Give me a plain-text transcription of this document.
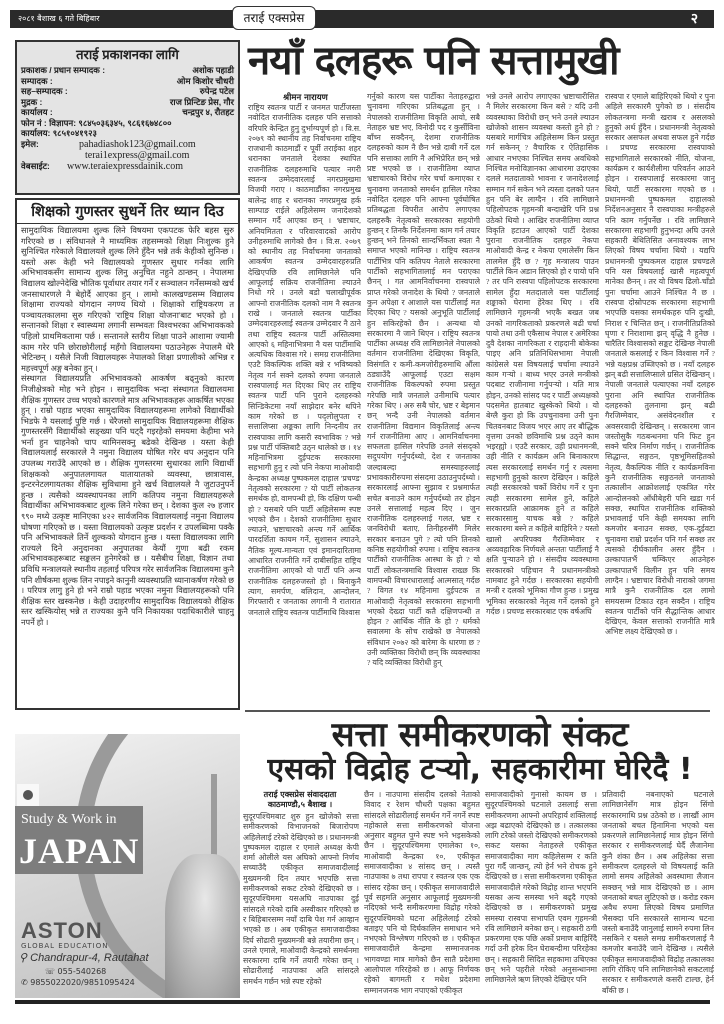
२०८१ बैशाख ६ गते बिहिबार	तराई एक्सप्रेस	२
तराई प्रकाशनका लागि
प्रकाशक / प्रधान सम्पादक :	अशोक पहाडी
सम्पादक :	ओम किशोर चौधरी
सह–सम्पादक :	रुपेन्द्र पटेल
मुद्रक :	राज प्रिन्टिङ प्रेस, गौर
कार्यालय :	चन्द्रपुर ४, रौतहट
फोन नं : विज्ञापन: ९८४५०३६३४५, ९८६१६७४८००
कार्यालय: ९८५१०४१९२३
इमेल:	pahadiashok123@gmail.com
terai1express@gmail.com
वेबसाईट:	www.teraiexpressdainik.com
शिक्षको गुणस्तर सुधर्नेे तिर ध्यान दिउ

सामुदायिक विद्यालयमा शुल्क लिने विषयमा एकपटक फेरि बहस सुरु गरिएको छ । संविधानले नै माध्यमिक तहसम्मको शिक्षा निःशुल्क हुने सुनिश्चित गरेकाले विद्यालयले शुल्क लिने हुँदैन भन्ने तर्क केहीको सुनिन्छ । यस्तो अरू केही भने विद्यालयको गुणस्तर सुधार गर्नका लागि अभिभावकसँग सामान्य शुल्क लिनु अनुचित नहुने ठान्छन् । नेपालमा विद्यालय खोल्नेदेखि भौतिक पूर्वाधार तयार गर्ने र सञ्चालन गर्नेसम्मको खर्च जनसाधारणले नै बेहोर्दै आएका हुन् । लामो कालखण्डसम्म विद्यालय शिक्षामा राज्यको योगदान नगण्य थियो । शिक्षाको राष्ट्रियकरण त पञ्चायतकालमा सुरु गरिएको 'राष्ट्रिय शिक्षा योजना'बाट भएको हो । सन्तानको शिक्षा र स्वास्थ्यमा लगानी सम्भवतः विश्वभरका अभिभावकको पहिलो प्राथमिकतामा पर्छ । सन्तानले स्तरीय शिक्षा पाउने आशामा ज्यामी काम गरेर पनि छोराछोरीलाई महँगो विद्यालयमा पठाउनेहरू नेपालमै धेरै भेटिन्छन् । यसैले निजी विद्यालयहरू नेपालको शिक्षा प्रणालीको अभिन्न र महत्त्वपूर्ण अङ्ग बनेका हुन् ।

संस्थागत विद्यालयप्रति अभिभावकको आकर्षण बढ्नुको कारण निजीक्षेत्रको मोह भने होइन । सामुदायिक भन्दा संस्थागत विद्यालयमा शैक्षिक गुणस्तर उच्च भएको कारणले मात्र अभिभावकहरू आकर्षित भएका हुन् । राम्रो पहाड भएका सामुदायिक विद्यालयहरूमा लागेको विद्यार्थीको भिडफे नै यसलाई पुष्टि गर्छ । धेरैजसो सामुदायिक विद्यालयहरूमा शैक्षिक गुणस्तरसँगै विद्यार्थीको सङ्ख्या पनि घट्दै गइरहेको समयमा केहीमा भने भर्ना हुन चाहनेको चाप थामिनसक्नु बढेको देखिन्छ । यस्ता केही विद्यालयलाई सरकारले नै नमुना विद्यालय घोषित गरेर थप अनुदान पनि उपलब्ध गराउँदै आएको छ । शैक्षिक गुणस्तरमा सुधारका लागि विद्यार्थी शिक्षकको अनुपातलगायत यातायातको व्यवस्था, छात्रावास, इन्टरनेटलगायतका शैक्षिक सुविधामा हुने खर्च विद्यालयले नै जुटाउनुपर्ने हुन्छ । त्यसैको व्यवस्थापनका लागि कतिपय नमुना विद्यालयहरूले विद्यार्थीका अभिभावकबाट शुल्क लिने गरेका छन् । देशका कुल २७ हजार ९९० मध्ये उत्कृष्ट मानिएका ४२२ सार्वजनिक विद्यालयलाई नमुना विद्यालय घोषणा गरिएको छ । यस्ता विद्यालयको उत्कृष्ट प्रदर्शन र उपलब्धिमा पक्कै पनि अभिभावकले तिर्ने शुल्कको योगदान हुन्छ । यस्ता विद्यालयका लागि राज्यले दिने अनुदानका अनुपातका केयौं गुणा बढी रकम अभिभावकहरूबाट सङ्कलन हुनेगरेको छ । यसैबीच शिक्षा, विज्ञान तथा प्रविधि मन्त्रालयले स्थानीय तहलाई परिपत्र गरेर सार्वजनिक विद्यालयमा कुनै पनि शीर्षकमा शुल्क लिन नपाइने कानुनी व्यवस्थाप्रति ध्यानाकर्षण गरेको छ । परिपत्र लागु हुने हो भने राम्रो पहाड भएका नमुना विद्यालयहरूको पनि शैक्षिक स्तर खस्कनेछ । केही उदाहरणीय सामुदायिक विद्यालयको शैक्षिक स्तर खस्कियोस् भन्ने त राज्यका कुनै पनि निकायका पदाधिकारीले चाहनु नपर्ने हो ।

Study & Work in
JAPAN
ASTON
GLOBAL EDUCATION
⚲ Chandrapur-4, Rautahat
☏ 055-540268
✆ 9855022020/9851095424
नयाँ दलहरू पनि सत्तामुखी
श्रीमन नारायण

राष्ट्रिय स्वतन्त्र पार्टी र जनमत पार्टीजस्ता नवोदित राजनीतिक दलहरु पनि सत्ताको वरिपरि केन्द्रित हुनु दुर्भाग्यपूर्ण हो । वि.स. २०७९ को स्थानीय तह निर्वाचनमा राष्ट्रिय राजधानी काठमाडौं र पूर्वी तराईका शहर धरानका जनताले देशका स्थापित राजनीतिक दलहरुमाथि पत्यार नगरी स्वतन्त्र उम्मेदवारलाई नगरप्रमुखमा विजयी गराए । काठमाडौंका नगरप्रमुख बालेन्द्र शाह र धरानका नगरप्रमुख हर्क साम्पाङ राईले अहिलेसम्म जनादेशको सम्मान गर्दै आएका छन् । भ्रष्टाचार, अनियमितता र परिवारवादको आरोप उनीहरुमाथि लागेको छैन । वि.स. २०७९ को स्थानीय तह निर्वाचनमा जनताको आकर्षण स्वतन्त्र उम्मेदवारहरुप्रति देखिएपछि रवि लामिछानेले पनि आफूलाई सक्रिय राजनीतिमा ल्याउने निधो गरे । उनले बडो चलाखीपूर्वक आफ्नो राजनीतिक दलको नाम नै स्वतन्त्र राखे । जनताले स्वतन्त्र पार्टीका उम्मेदवारहरुलाई स्वतन्त्र उम्मेदवार नै ठाने तथा राष्ट्रिय स्वतन्त्र पार्टी अस्तित्वमा आएको ६ महिनाभित्रमा नै यस पार्टीमाथि अत्यधिक विश्वास गरे । समग्र राजनीतिमा एउटै विकल्पिक शक्ति बन्ने र भविष्यको नेतृत्व गर्न सक्ने दलको रुपमा जनताले रास्वपालाई मत दिएका थिए तर राष्ट्रिय स्वतन्त्र पार्टी पनि पुराने दलहरुको सिन्डिकेटमा नयाँ साझेदार बनेर थपिने काम गरेको छ । पद्लोलुपता र सत्तालिप्सा अङ्कका लागि निन्दनीय तर रास्वपाका लागि कसरी स्वभाविक ? भन्ने प्रश्न पार्टी पंक्तिबाटै उठ्न थालेको छ । १४ महिनाभित्रमा दुईपटक सरकारमा सहभागी हुनु र त्यो पनि नेकपा माओवादी केन्द्रका अध्यक्ष पुष्पकमल दाहाल 'प्रचण्ड' नेतृत्वको सरकारमा ? यो पार्टी लोकतन्त्र समर्थक हो, वामपन्थी हो, कि दक्षिण पन्थी हो ? यसबारे पनि पार्टी अहिलेसम्म स्पष्ट भएको छैन । देशको राजनीतिमा सुधार ल्याउने, भ्रष्टाचारको अन्त्य गर्ने आर्थिक पारदर्शिता कायम गर्ने, सुशासन ल्याउने, नैतिक मूल्य-मान्यता एवं इमानदारितामा आधारित राजनीति गर्ने दाबीसहित राष्ट्रिय राजनीतिमा आएको यो पार्टी पनि अन्य राजनीतिक दलहरुजस्तो हो । बिनाकुनै त्याग, समर्पण, बलिदान, आन्दोलन, गिरफ्तारी र जनताका लगानी नै रातारात जनताले राष्ट्रिय स्वतन्त्र पार्टीमाथि विश्वास

गर्नुको कारण यस पार्टीका नेताहरुद्वारा चुनावमा गरिएका प्रतिबद्धता हुन् । नेपालको राजनीतिमा विकृति आयो, सबै नेताहरु भ्रष्ट भए, विनोदी पद र कुर्सीविना बाँच्न सक्दैनन्, देशमा राजनीतिक दलहरुको काम नै छैन भन्ने दाबी गर्ने दल पनि सत्ताका लागि नै अभिप्रेरित छन् भन्ने प्रष्ट भएको छ । राजनीतिमा व्याप्त भ्रष्टाचारको विरोध गरेर चर्चा कमाएका र चुनावमा जनताको समर्थन हासिल गरेका नवोदित दलहरु पनि आफ्ना पूर्वघोषित प्रतिबद्धता विपरीत आरोप लगाएका दलहरुकै नेतृत्वको सरकारका सहयोगी हुन्छन् र तिनकै निर्देशनमा काम गर्न तयार हुन्छन् भने तिनको सान्दर्भिकता स्वतः नै समाप्त भएको मानिन्छ । राष्ट्रिय स्वतन्त्र पार्टीभित्र पनि कतिपय नेताले सरकारमा पार्टीको सहभागितालाई मन पराएका छैनन् । गत आमनिर्वाचनमा रास्वपाले प्राप्त गरेको जनादेश के थियो ? जनताले कुन अपेक्षा र आशाले यस पार्टीलाई मत दिएका थिए ? यसको अनुभूति पार्टीलाई हुन सकिरहेको छैन । अन्यथा यो सरकारमा नै जाने थिएन । राष्ट्रिय स्वतन्त्र पार्टीका अध्यक्ष रवि लामिछानेले नेपालको वर्तमान राजनीतिमा देखिएका विकृति, विसंगति र कमी-कमजोरीहरुमाथि औंला ठड्याउँदै आफूलाई एउटा सक्षम राजनीतिक विकल्पको रुपमा प्रस्तुत गरेपछि मात्रै जनताले उनीमाथि पत्यार गरेका थिए । अरु सबै चोर, भ्रष्ट र बेइमान छन् भन्दै उनी नेपालको वर्तमान राजनीतिमा विद्यमान विकृतिलाई अन्त्य गर्न राजनीतिमा आए । आमनिर्वाचनमा सफलता हासिल गरेपछि उनले संसद्को सदुपयोग गर्नुपर्दथ्यो, देश र जनताका जल्दाबल्दा समस्याहरुलाई प्रभावकारीरुपमा संसदमा उठाउनुपर्दथ्यो । सरकारलाई आफ्ना सुझाव र प्रश्नमार्फत सचेत बनाउने काम गर्नुपर्दथ्यो तर होइन उनले सत्तालाई महत्व दिए । जुन राजनीतिक दलहरुलाई गलत, भ्रष्ट र जनविरोधी बताए, तिनीहरुसँगै मिलेर सरकार बनाउन पुगे ? त्यो पनि तिनको कनिष्ठ सहयोगीको रुपमा । राष्ट्रिय स्वतन्त्र पार्टीको राजनीतिक आस्था के हो ? यो पार्टी लोकतन्त्रमाथि विश्वास राख्छ कि वामपन्थी विचारधारालाई आत्मसात् गर्दछ ? विगत १४ महिनामा दुईपटक त माओवादी नेतृत्वको सरकारमा सहभागी भएको देख्दा पार्टी कतै दक्षिणपन्थी त होइन ? आर्थिक नीति के हो ? धर्मको सवालमा के सोच राखेको छ नेपालको संविधान २०७२ को बारेमा के धारणा छ ? उनी व्यक्तिका विरोधी छन् कि व्यवस्थाका ? यदि व्यक्तिका विरोधी हुन्

भन्ने उनले आरोप लगाएका भ्रष्टाचारीसित नै मिलेर सरकारमा किन बसे ? यदि उनी व्यवस्थाका विरोधी छन् भने उनले ल्याउन खोजेको शासन व्यवस्था कस्तो हुने हो ? यसबारे मार्गचित्र अहिलेसम्म किन प्रस्तुत गर्न सकेनन् ? वैचारिक र ऐतिहासिक आधार नभएका निश्चित समय अवधिको निश्चित मनोविज्ञानका आधारमा उदाएका दलले मतदाताको भावना र जनादेशलाई सम्मान गर्न सकेन भने त्यस्ता दलको पतन हुन पनि बेर लाग्दैन । रवि लामिछाने पहिलोपटक गृहमन्त्री बन्दाखेरि पनि प्रश्न उठेको थियो । आखिर राजनीतिमा व्याप्त विकृति हटाउन आएको पार्टी देशका पुराना राजनीतिक दलहरु नेकपा माओवादी केन्द्र र नेकपा एमालेसँग किन तालमेल हुँदै छ ? गृह मन्त्रालय पाउन पार्टीले किन अडान लिएको हो र पायो पनि ? तर पनि रास्वपा पहिलोपटक सरकारमा सामेल हुँदा मतदाताले यस पार्टीलाई शङ्काको घेरामा हेरेका थिए । रवि लामिछाने गृहमन्त्री भएकै बखत जब उनको नागरिकताको प्रकरणले बढी चर्चा पायो तथा उनी एकैसाथ नेपाल र अमेरिका दुवै देशका नागरिकता र राहदानी बोकेका पाइए अनि प्रतिनिधिसभामा नेपाली कांग्रेसले यस विषयलाई चर्चामा ल्याउने काम गर्‍यो । बाध्य भएर उनले मन्त्रीको पदबाट राजीनामा गर्नुपर्‍यो । यति मात्र होइन, उनको सांसद पद र पार्टी अध्यक्षको पदसमेत हातबाट खुस्केको थियो । यो बेग्लै कुरा हो कि उपचुनावमा उनी पुनः चितवनबाट विजय भएर आए तर बौद्धिक वृत्तमा उनको छविमाथि प्रश्न उठ्ने काम भइरह्यो । एउटै सरकार, उही प्रधानमन्त्री, उही नीति र कार्यक्रम अनि बिनाकारण त्यस सरकारलाई समर्थन गर्नु र त्यसमा सहभागी हुनुको कारण देखिएन । कहिले त्यही सरकारको चर्को विरोध गर्ने र पुनः त्यही सरकारमा सामेल हुने, कहिले सरकारप्रति आक्रामक हुने त कहिले सरकारसामु याचक बन्ने ? कहिले सरकारमा बस्ने त कहिले बाहिरिने ? यस्तो खालो अपरिपक्व गैरजिम्मेवार र अव्यवहारिक निर्णयले अन्ततः पार्टीलाई नै क्षति पुऱ्याउने हो । संसदीय व्यवस्थामा सरकारको पहिचान नै प्रधानमन्त्रीको नामबाट हुने गर्दछ । सरकारका सहयोगी मन्त्री र दलको भूमिका गौण हुन्छ । प्रमुख भूमिका सरकारको नेतृत्व गर्ने दलको हुने गर्दछ । प्रचण्ड सरकारबाट एक वर्षअघि

रास्वपा र एमाले बाहिरिएको थियो र पुनः अहिले सरकारमै पुगेको छ । संसदीय लोकतन्त्रमा मन्त्री खराब र असलको हुनुको अर्थ हुँदैन । प्रधानमन्त्री नेतृत्वको सरकार असफल अथवा सफल हुने गर्दछ । प्रचण्ड सरकारमा रास्वपाको सहभागिताले सरकारको नीति, योजना, कार्यक्रम र कार्यशैलीमा परिवर्तन आउने होइन । रास्वपालाई सरकारमा जानु थियो, पार्टी सरकारमा गएको छ । प्रधानमन्त्री पुष्पकमल दाहालको निर्देशनअनुसार नै रास्वपाका मन्त्रीहरुले पनि काम गर्नुपर्नेछ । रवि लामिछाने सरकारमा सहभागी हुनुभन्दा अघि उनले सहकारी बेथितिसित अनावश्यक लाभ लिएको विषय चर्चामा थियो । यद्यपि प्रधानमन्त्री पुष्पकमल दाहाल प्रचण्डले पनि यस विषयलाई खासै महत्वपूर्ण मानेका छैनन् । तर यो विषय ढिलो-चाँडो पुनः चर्चामा आउने निश्चित नै छ । रास्वपा दोस्रोपटक सरकारमा सहभागी भएपछि यसका समर्थकहरु पनि दुःखी, निराश र चिन्तित छन् । राजनीतिप्रतिको घृणा र निराशामा झन् वृद्धि नै हुनेछ । चारैतिर विश्वासको सङ्कट देखिन्छ नेपाली जनताले कसलाई र किन विश्वास गर्ने ? भन्ने यक्षप्रश्न उब्जिएको छ । नयाँ दलहरु झन् बढी सत्तालिप्साले ग्रसित देखिन्छन् । नेपाली जनताले पत्याएका नयाँ दलहरु पुराना अनि स्थापित राजनीतिक दलहरुको तुलनामा झन् बढी गैरजिम्मेवार, असंवेदनशील र अवसरवादी देखिन्छन् । सरकारमा जान जस्तोसुकै गठबन्धनमा पनि फिट हुन सक्ने चरित्र निर्माण गर्छन् । राजनीतिक सिद्धान्त, सङ्गठन, पृष्ठभूमिसहितको नेतृत्व, वैकल्पिक नीति र कार्यक्रमविना कुनै राजनीतिक सङ्गठनले जनताको तत्कालीन आक्रोशलाई एकत्रित गरेर आन्दोलनको आँधीबेहरी पनि खडा गर्न सक्छ, स्थापित राजनीतिक शक्तिको प्रभावलाई पनि केही समयका लागि कमजोर बनाउन सक्छ, एक-दुईवटा चुनावमा राम्रो प्रदर्शन पनि गर्न सक्छ तर त्यसको दीर्घकालीन असर हुँदैन । उल्कापातभैं चम्किएर आउनेहरु उल्कापातभैं विलीन हुन पनि समय लाग्दैन । भ्रष्टाचार विरोधी नाराको जगमा मात्रै कुनै राजनीतिक दल लामो समयसम्म टिकाउ रहन सक्दैन । राष्ट्रिय स्वतन्त्र पार्टीको पनि सैद्धान्तिक आधार देखिएन, केवल सत्ताको राजनीति मात्रै अभिष्ट लक्ष्य देखिएको छ ।

सत्ता समीकरणको संकट
एसको विद्रोह टऱ्यो, सहकारीमा घेरिदै !
तराई एक्सप्रेस संवाददाता
काठमाण्डौ,५ बैशाख ।

सुदूरपश्चिमबाट शुरु हुन खोजेको सत्ता समीकरणको विभाजनको बिजारोपण अहिलेलाई टरेको देखिएको छ । प्रधानमन्त्री पुष्पकमल दाहाल र एमाले अध्यक्ष केपी शर्मा ओलीले यस अघिको आफ्नो निर्णय सच्याउँदै एकीकृत समाजवादीलाई मुख्यमन्त्री दिन तयार भएपछि सत्ता समीकरणको सकट टरेको देखिएको छ । सुदूरपश्चिममा यसअघि नाउपाका दुई सांसदले गरेको दाबि अस्वीकार गरिएको छ र बिहिबारसम्म नयाँ दाबि पेश गर्न आव्हान भएको छ । अब एकीकृत समाजवादीका दिर्घ सोढारी मुख्यमन्त्री बन्ने तयारीमा छन् । उनले एमाले, माओवादी केन्द्रको समर्थनमा सरकारमा दाबि गर्ने तयारी गरेका छन् । सोढारीलाई नाउपाका अति सांसदले समर्थन गर्छन भन्ने स्पष्ट रहेको

छैन । नाउपामा संसदीय दलको नेताको विवाद र रेशम चौधरी पक्षका बहुमत सांसदले सोढारीलाई समर्थन गर्ने नगर्ने स्पष्ट नहोकाले सत्ता समीकरणको योजना अनुसार बहुमत पुग्ने स्पष्ट भने भइसकेको छैन । सुदूरपश्चिममा एमालेका १०, माओवादी केन्द्रका १०, एकीकृत समाजवादीका ४ सांसद छन् । त्यस्तै नाउपाका ७ तथा रापपा र स्वतन्त्र एक एक सांसद रहेका छन् । एकीकृत समाजवादीले पूर्व सहमति अनुसार आफूलाई मुख्यमन्त्री नदिएको भन्दै समीकरणमा विद्रोह गरेको सुदूरपश्चिमको घटना अहिलेलाई टरेको बताइए पनि यो दिर्घकालिन समाधान भने नभएको विश्लेषण गरिएको छ । एकीकृत समाजवादीले केन्द्रमा सम्मानजनक भागवण्डा मात्र मागेको छैन सातै प्रदेशमा आलोपाल गरिरहेको छ । आफू निर्णयक रहेको बागमती र मधेश प्रदेशमा सम्मानजनक भाग नपाएको एकीकृत

समाजवादीको गुनासो कायम छ । सुदूरपश्चिमको घटनाले उसलाई सत्ता समीकरणमा आफ्नो अपरिहार्य शक्तिलाई अझ बढाएको देखिएको छ । तत्कालका लागि टरेको जस्तो देखिएको समीकरणको सकट यसका नेताहरुले एकीकृत समाजवादीका माग कहिलेसम्म र कति पुरा गर्दै जान्छन्, त्यो हेर्न भने रोचक हुने देखिएको छ । सत्ता समीकरणमा एकीकृत समाजवादीले गरेको विद्रोह शान्त भएपनि यसका अन्य समस्या भने बढ्दै गएको देखिएको छ । समीकरणको प्रमुख समस्या रास्वपा सभापति एवम गृहमन्त्री रवि लामिछाने बनेका छन् । सहकारी ठगी प्रकरणमा एक पछि अर्को प्रमाण बाहिरिँदै गर्दा उनी हरेक दिन घेराबन्दीमा परिरहेका छन् । सहकारी सिदित सहकामा उचिएका छन् भने पहरीले गरेको अनुसन्धानमा लामिछानेले ऋण लिएको देखिएर पनि

प्रतिवादी नबनाएको घटनाले लामिछानेसँग मात्र होइन सिंगो सरकारमाथि प्रश्न उठेको छ । लाखौं आम जनताको बचत हिनामिना भएको यस प्रकरणले लामिछानेलाई मात्र होइन सिंगो सरकार र समीकरणलाई घेर्दै लैजानेमा कुनै शंका छैन । अब अहिलेका सत्ता समीकरण दलहरुले यो विषयलाई कति लामो समय अहिलेको अवस्थामा लैजान सक्छन् भन्ने मात्र देखिएको छ । आम जनताको बचत लुटिएको छ । करोड रकम अवैध रुपमा लिएको विषय प्रमाणित भैसक्दा पनि सरकारले सामान्य घटना जस्तो बनाउँदै जानुलाई सामने रुपमा लिन नसकिने र यसले समग्र समीकरणलाई नै कमजोर बनाउँदै जाने देखिन्छ । त्यसैले एकीकृत समाजवादीको विद्रोह तत्कालका लागि रोकिए पनि लामिछानेको सकटलाई सरकार र समीकरणले कसरी टाल्छ, हेर्न बाँकी छ ।
